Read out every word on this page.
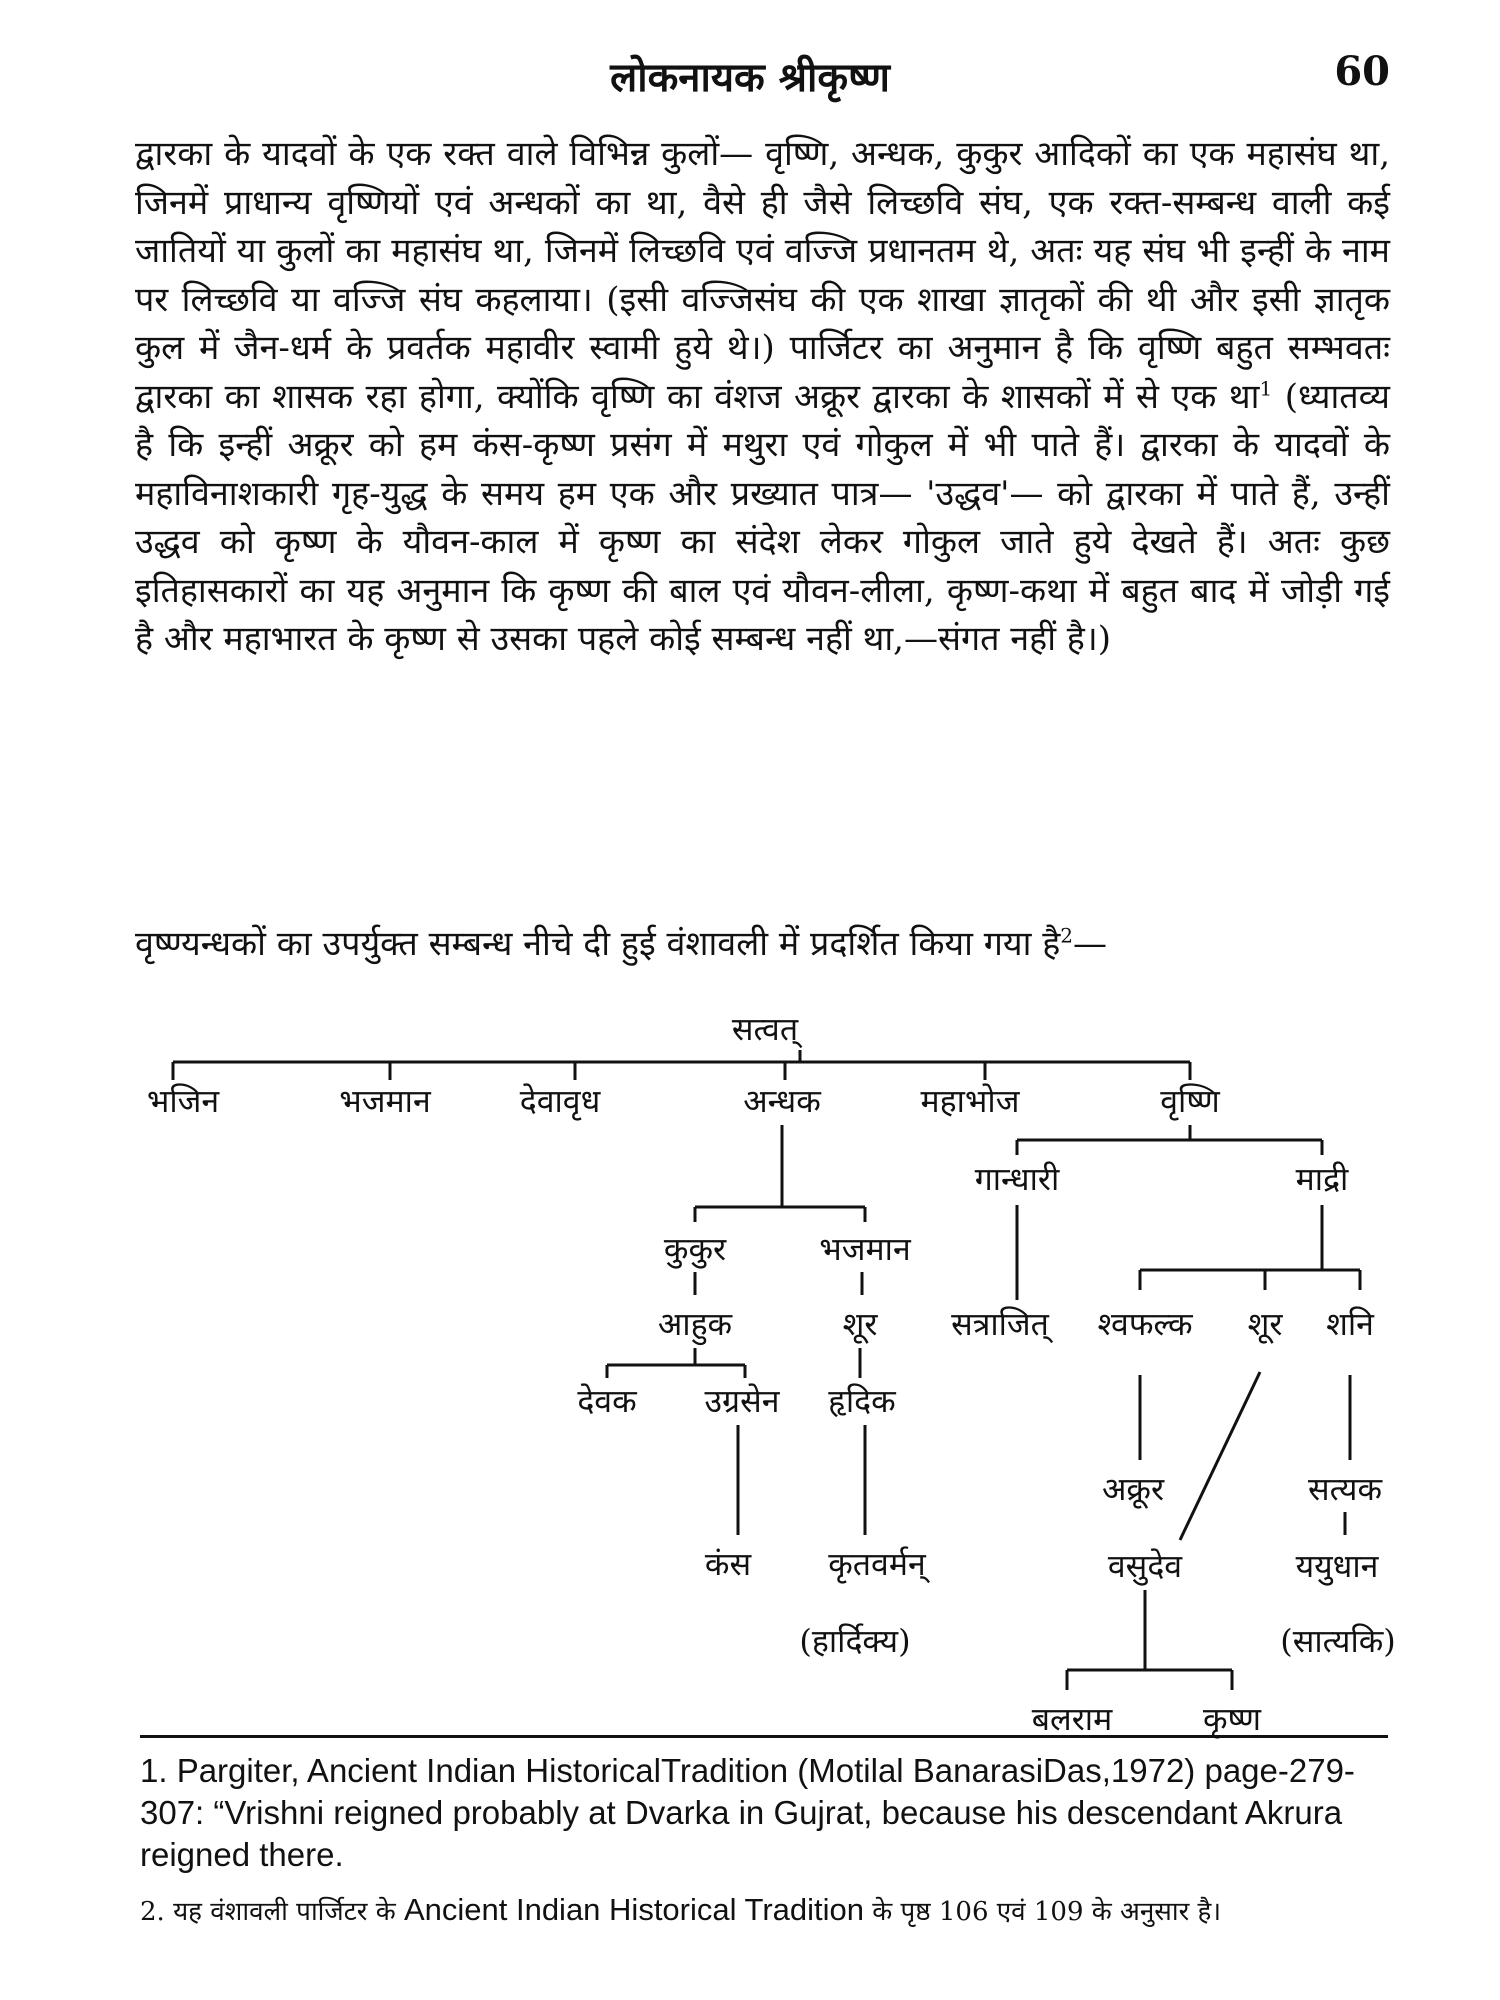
लोकनायक श्रीकृष्ण	60

द्वारका के यादवों के एक रक्त वाले विभिन्न कुलों— वृष्णि, अन्धक, कुकुर आदिकों का एक महासंघ था, जिनमें प्राधान्य वृष्णियों एवं अन्धकों का था, वैसे ही जैसे लिच्छवि संघ, एक रक्त-सम्बन्ध वाली कई जातियों या कुलों का महासंघ था, जिनमें लिच्छवि एवं वज्जि प्रधानतम थे, अतः यह संघ भी इन्हीं के नाम पर लिच्छवि या वज्जि संघ कहलाया। (इसी वज्जिसंघ की एक शाखा ज्ञातृकों की थी और इसी ज्ञातृक कुल में जैन-धर्म के प्रवर्तक महावीर स्वामी हुये थे।) पार्जिटर का अनुमान है कि वृष्णि बहुत सम्भवतः द्वारका का शासक रहा होगा, क्योंकि वृष्णि का वंशज अक्रूर द्वारका के शासकों में से एक था$^1$ (ध्यातव्य है कि इन्हीं अक्रूर को हम कंस-कृष्ण प्रसंग में मथुरा एवं गोकुल में भी पाते हैं। द्वारका के यादवों के महाविनाशकारी गृह-युद्ध के समय हम एक और प्रख्यात पात्र— 'उद्धव'— को द्वारका में पाते हैं, उन्हीं उद्धव को कृष्ण के यौवन-काल में कृष्ण का संदेश लेकर गोकुल जाते हुये देखते हैं। अतः कुछ इतिहासकारों का यह अनुमान कि कृष्ण की बाल एवं यौवन-लीला, कृष्ण-कथा में बहुत बाद में जोड़ी गई है और महाभारत के कृष्ण से उसका पहले कोई सम्बन्ध नहीं था,—संगत नहीं है।)

वृष्ण्यन्धकों का उपर्युक्त सम्बन्ध नीचे दी हुई वंशावली में प्रदर्शित किया गया है$^2$—

सत्वत्
भजिन	भजमान	देवावृध	अन्धक	महाभोज	वृष्णि
कुकुर	भजमान
आहुक	शूर
देवक उग्रसेन हृदिक
कंस कृतवर्मन्
(हार्दिक्य)
गान्धारी	माद्री
सत्राजित् श्वफल्क शूर शनि
अक्रूर	सत्यक
वसुदेव	ययुधान
(सात्यकि)
बलराम	कृष्ण

1. Pargiter, Ancient Indian HistoricalTradition (Motilal BanarasiDas,1972) page-279-307: “Vrishni reigned probably at Dvarka in Gujrat, because his descendant Akrura reigned there.

2. यह वंशावली पार्जिटर के Ancient Indian Historical Tradition के पृष्ठ 106 एवं 109 के अनुसार है।
